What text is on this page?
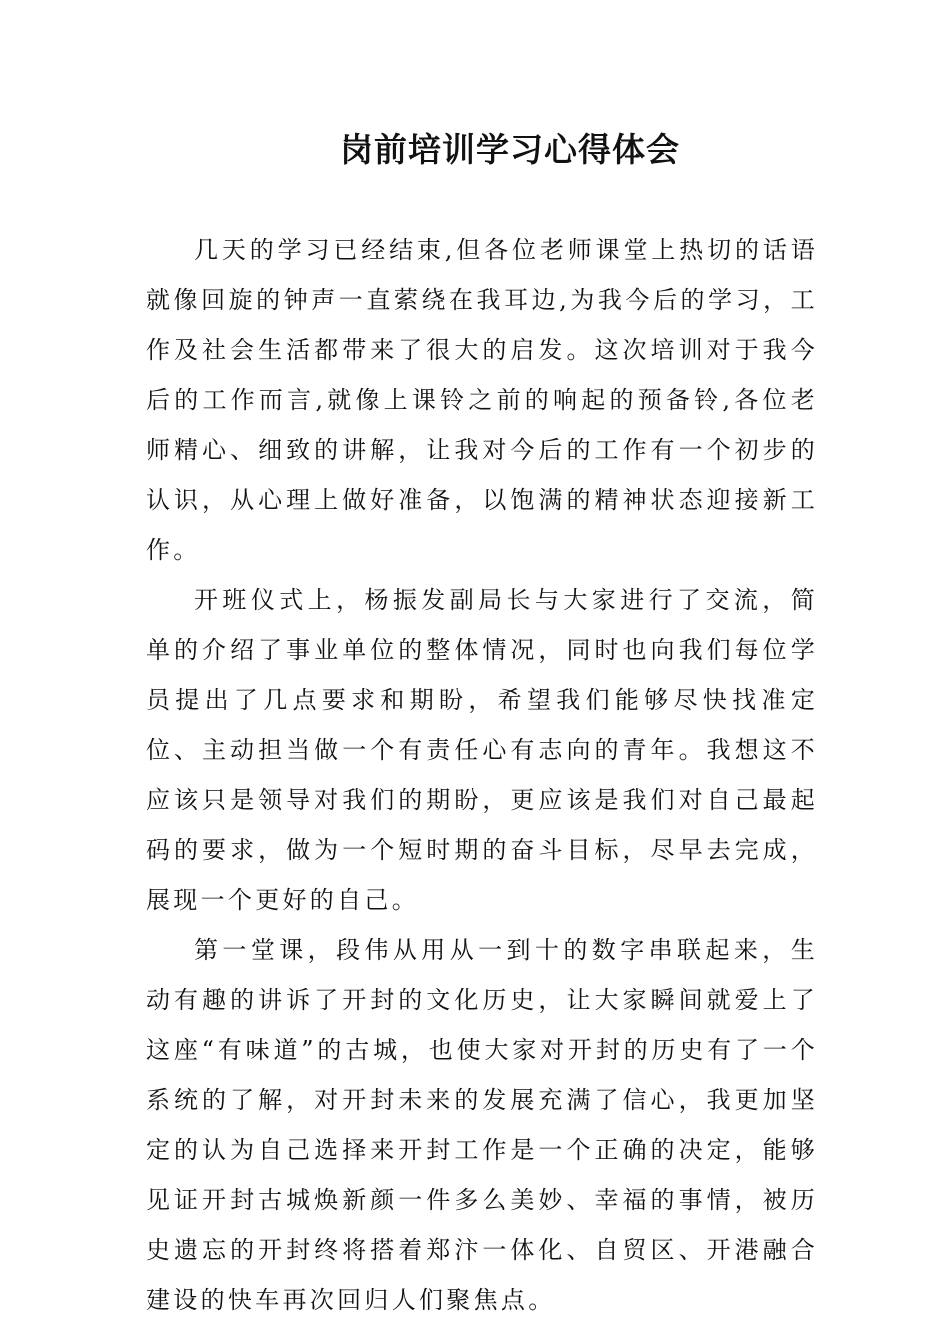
岗前培训学习心得体会

几天的学习已经结束,但各位老师课堂上热切的话语就像回旋的钟声一直萦绕在我耳边,为我今后的学习，工作及社会生活都带来了很大的启发。这次培训对于我今后的工作而言,就像上课铃之前的响起的预备铃,各位老师精心、细致的讲解，让我对今后的工作有一个初步的认识，从心理上做好准备，以饱满的精神状态迎接新工作。

开班仪式上，杨振发副局长与大家进行了交流，简单的介绍了事业单位的整体情况，同时也向我们每位学员提出了几点要求和期盼，希望我们能够尽快找准定位、主动担当做一个有责任心有志向的青年。我想这不应该只是领导对我们的期盼，更应该是我们对自己最起码的要求，做为一个短时期的奋斗目标，尽早去完成，展现一个更好的自己。

第一堂课，段伟从用从一到十的数字串联起来，生动有趣的讲诉了开封的文化历史，让大家瞬间就爱上了这座“有味道”的古城，也使大家对开封的历史有了一个系统的了解，对开封未来的发展充满了信心，我更加坚定的认为自己选择来开封工作是一个正确的决定，能够见证开封古城焕新颜一件多么美妙、幸福的事情，被历史遗忘的开封终将搭着郑汴一体化、自贸区、开港融合建设的快车再次回归人们聚焦点。
